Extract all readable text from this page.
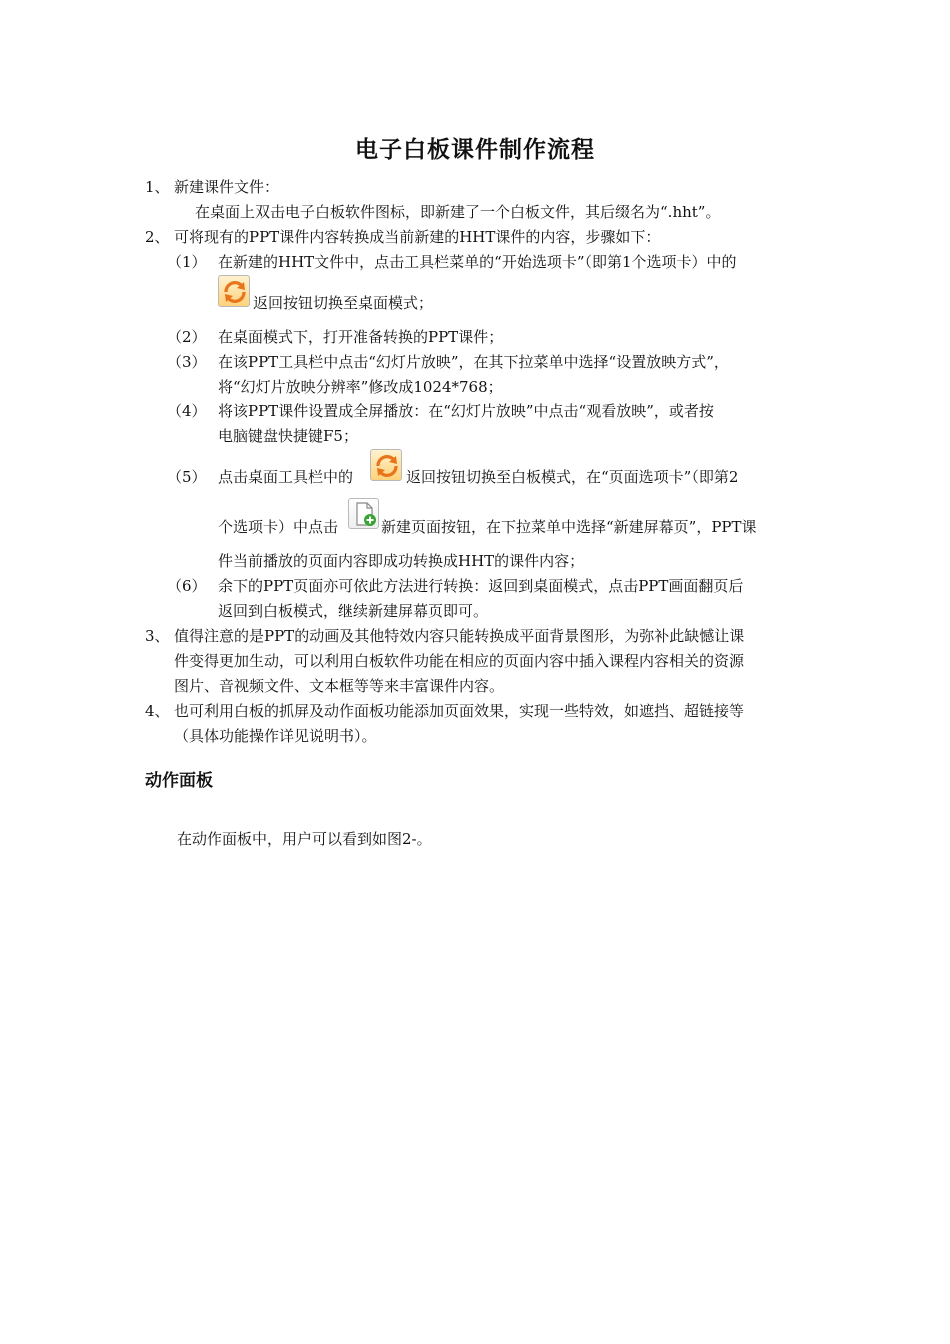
电子白板课件制作流程
1、 新建课件文件：
在桌面上双击电子白板软件图标，即新建了一个白板文件，其后缀名为“.hht”。
2、 可将现有的PPT课件内容转换成当前新建的HHT课件的内容，步骤如下：
（1） 在新建的HHT文件中，点击工具栏菜单的“开始选项卡”（即第1个选项卡）中的
返回按钮切换至桌面模式；
（2） 在桌面模式下，打开准备转换的PPT课件；
（3） 在该PPT工具栏中点击“幻灯片放映”，在其下拉菜单中选择“设置放映方式”，
将“幻灯片放映分辨率”修改成1024*768；
（4） 将该PPT课件设置成全屏播放：在“幻灯片放映”中点击“观看放映”，或者按
电脑键盘快捷键F5；
（5） 点击桌面工具栏中的	返回按钮切换至白板模式，在“页面选项卡”（即第2
个选项卡）中点击	新建页面按钮，在下拉菜单中选择“新建屏幕页”，PPT课
件当前播放的页面内容即成功转换成HHT的课件内容；
（6） 余下的PPT页面亦可依此方法进行转换：返回到桌面模式，点击PPT画面翻页后
返回到白板模式，继续新建屏幕页即可。
3、 值得注意的是PPT的动画及其他特效内容只能转换成平面背景图形，为弥补此缺憾让课
件变得更加生动，可以利用白板软件功能在相应的页面内容中插入课程内容相关的资源
图片、音视频文件、文本框等等来丰富课件内容。
4、 也可利用白板的抓屏及动作面板功能添加页面效果，实现一些特效，如遮挡、超链接等
（具体功能操作详见说明书）。
动作面板
在动作面板中，用户可以看到如图2-。
